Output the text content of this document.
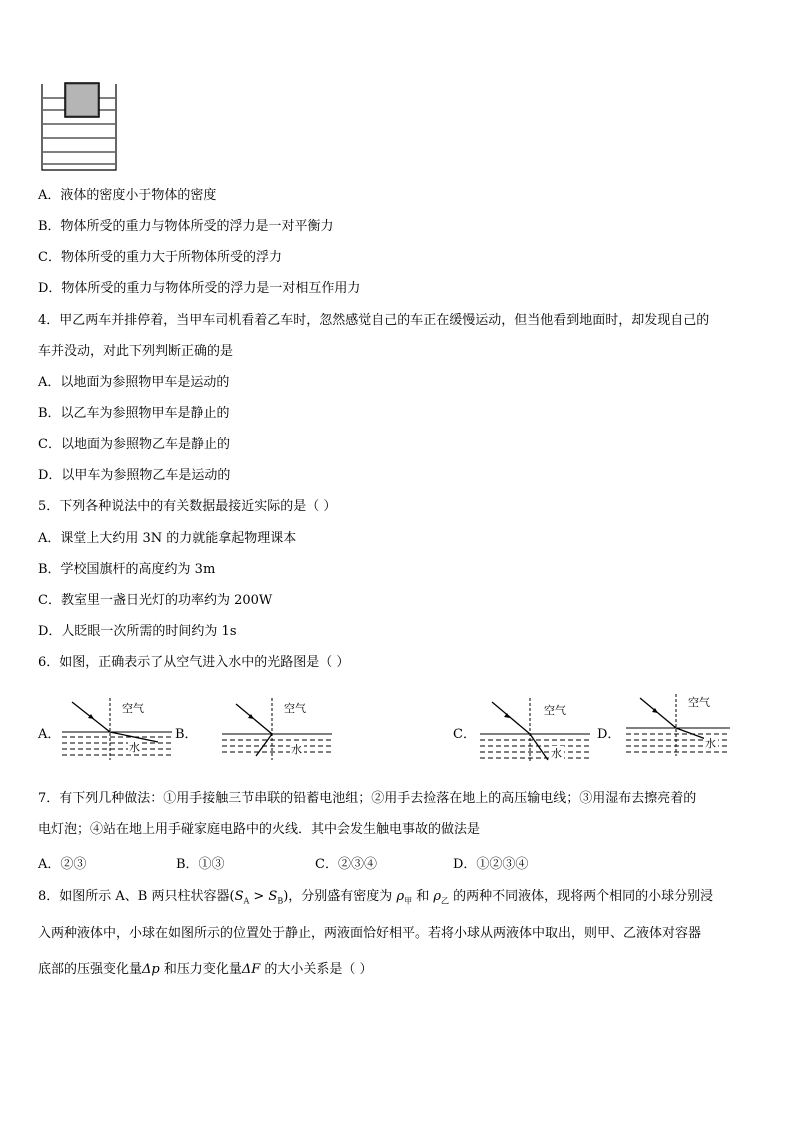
A．液体的密度小于物体的密度
B．物体所受的重力与物体所受的浮力是一对平衡力
C．物体所受的重力大于所物体所受的浮力
D．物体所受的重力与物体所受的浮力是一对相互作用力
4．甲乙两车并排停着，当甲车司机看着乙车时，忽然感觉自己的车正在缓慢运动，但当他看到地面时，却发现自己的
车并没动，对此下列判断正确的是
A．以地面为参照物甲车是运动的
B．以乙车为参照物甲车是静止的
C．以地面为参照物乙车是静止的
D．以甲车为参照物乙车是运动的
5．下列各种说法中的有关数据最接近实际的是（ ）
A．课堂上大约用 3N 的力就能拿起物理课本
B．学校国旗杆的高度约为 3m
C．教室里一盏日光灯的功率约为 200W
D．人眨眼一次所需的时间约为 1s
6．如图，正确表示了从空气进入水中的光路图是（ ）
A．	B．	C．	D．
空气
水
空气
水
空气
水
空气
水
7．有下列几种做法：①用手接触三节串联的铅蓄电池组；②用手去捡落在地上的高压输电线；③用湿布去擦亮着的
电灯泡；④站在地上用手碰家庭电路中的火线．其中会发生触电事故的做法是
A．②③	B．①③	C．②③④	D．①②③④
8．如图所示 A、B 两只柱状容器$(S_A > S_B)$，分别盛有密度为 $\rho_甲$ 和 $\rho_乙$ 的两种不同液体，现将两个相同的小球分别浸
入两种液体中，小球在如图所示的位置处于静止，两液面恰好相平。若将小球从两液体中取出，则甲、乙液体对容器
底部的压强变化量Δp 和压力变化量ΔF 的大小关系是（ ）
